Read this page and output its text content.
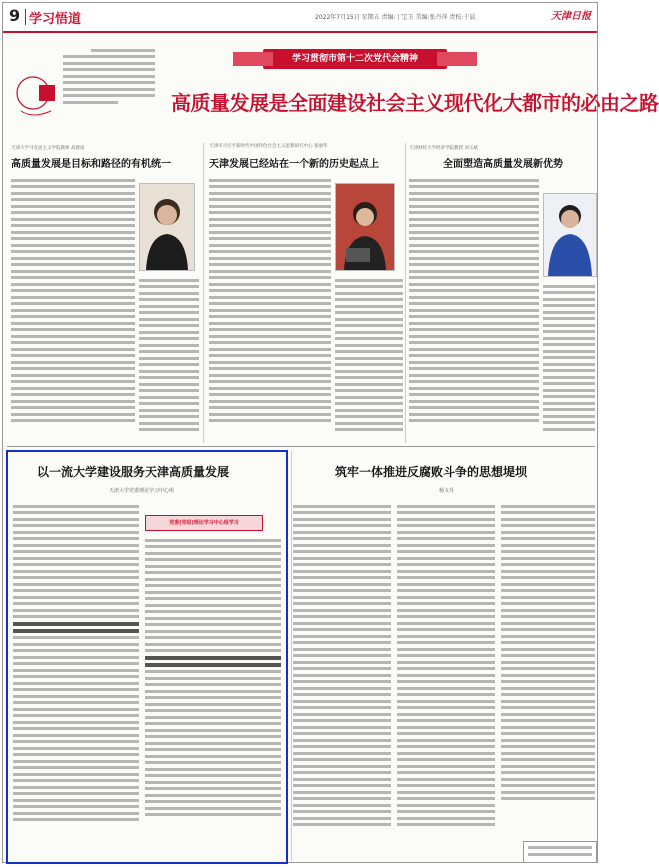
9 学习悟道	2022年7月15日 星期五 责编:丁宝玉 美编:张丹萍 责校:于晨	天津日报
学习贯彻市第十二次党代会精神
高质量发展是全面建设社会主义现代化大都市的必由之路
天津大学马克思主义学院教师 高建南
高质量发展是目标和路径的有机统一
天津市习近平新时代中国特色社会主义思想研究中心 张丽华
天津发展已经站在一个新的历史起点上
天津财经大学经济学院教授 刘玉斌
全面塑造高质量发展新优势
以一流大学建设服务天津高质量发展
天津大学党委理论学习中心组
党委(党组)理论学习中心组学习
筑牢一体推进反腐败斗争的思想堤坝
杨文丹
